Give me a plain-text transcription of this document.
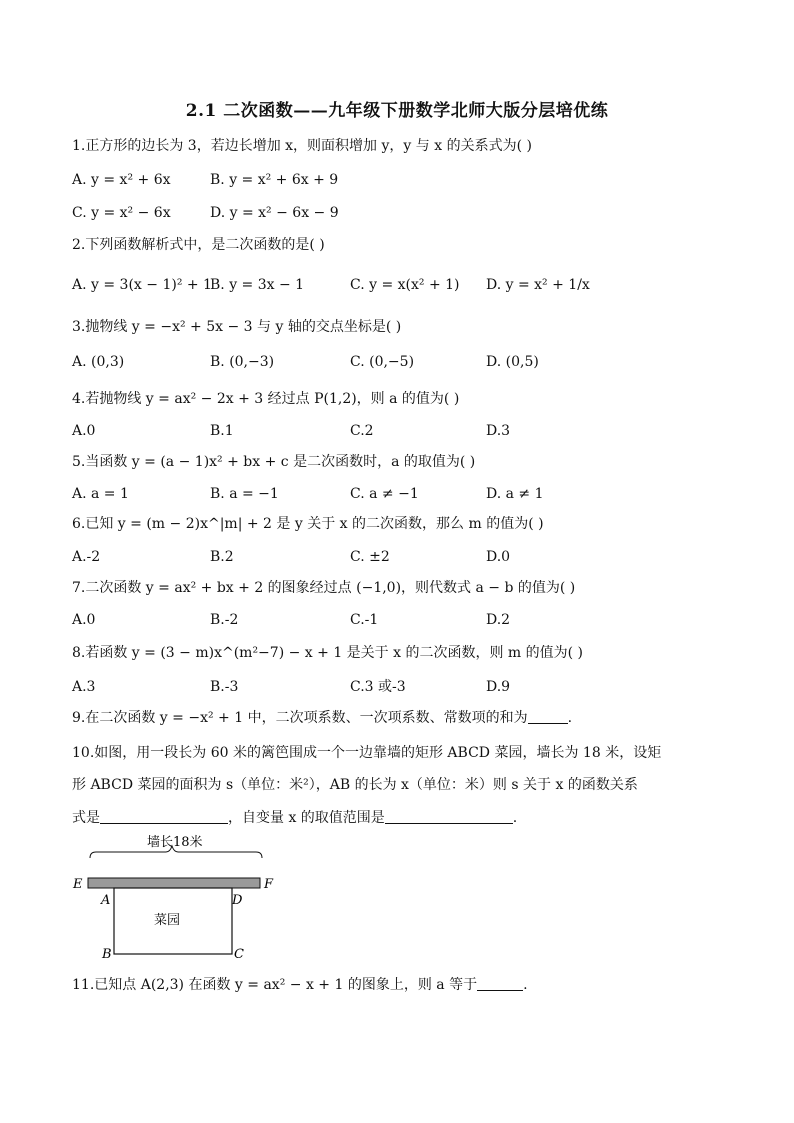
2.1 二次函数——九年级下册数学北师大版分层培优练
1.正方形的边长为 3，若边长增加 x，则面积增加 y，y 与 x 的关系式为( )
A. y = x² + 6x	B. y = x² + 6x + 9
C. y = x² − 6x	D. y = x² − 6x − 9
2.下列函数解析式中，是二次函数的是( )
A. y = 3(x − 1)² + 1
B. y = 3x − 1	C. y = x(x² + 1) D. y = x² + 1/x
3.抛物线 y = −x² + 5x − 3 与 y 轴的交点坐标是( )
A. (0,3)	B. (0,−3)	C. (0,−5)	D. (0,5)
4.若抛物线 y = ax² − 2x + 3 经过点 P(1,2)，则 a 的值为( )
A.0	B.1	C.2	D.3
5.当函数 y = (a − 1)x² + bx + c 是二次函数时，a 的取值为( )
A. a = 1	B. a = −1	C. a ≠ −1	D. a ≠ 1
6.已知 y = (m − 2)x^|m| + 2 是 y 关于 x 的二次函数，那么 m 的值为( )
A.-2	B.2	C. ±2	D.0
7.二次函数 y = ax² + bx + 2 的图象经过点 (−1,0)，则代数式 a − b 的值为( )
A.0	B.-2	C.-1	D.2
8.若函数 y = (3 − m)x^(m²−7) − x + 1 是关于 x 的二次函数，则 m 的值为( )
A.3	B.-3	C.3 或-3	D.9
9.在二次函数 y = −x² + 1 中，二次项系数、一次项系数、常数项的和为	.
10.如图，用一段长为 60 米的篱笆围成一个一边靠墙的矩形 ABCD 菜园，墙长为 18 米，设矩
形 ABCD 菜园的面积为 s（单位：米²），AB 的长为 x（单位：米）则 s 关于 x 的函数关系
式是	，自变量 x 的取值范围是	.
墙长18米
菜园
E	F
A	D
B	C
11.已知点 A(2,3) 在函数 y = ax² − x + 1 的图象上，则 a 等于	.
